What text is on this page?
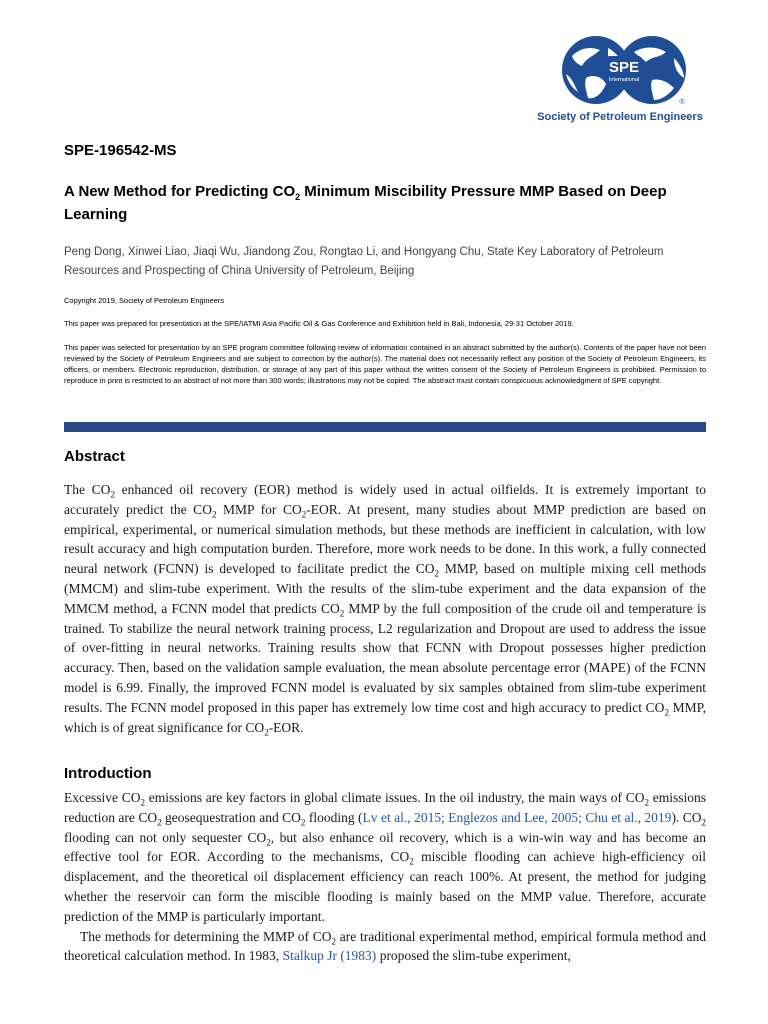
SPE
International
®
Society of Petroleum Engineers
SPE-196542-MS
A New Method for Predicting $CO_2$ Minimum Miscibility Pressure MMP Based on Deep Learning
Peng Dong, Xinwei Liao, Jiaqi Wu, Jiandong Zou, Rongtao Li, and Hongyang Chu, State Key Laboratory of Petroleum Resources and Prospecting of China University of Petroleum, Beijing
Copyright 2019, Society of Petroleum Engineers
This paper was prepared for presentation at the SPE/IATMI Asia Pacific Oil & Gas Conference and Exhibition held in Bali, Indonesia, 29-31 October 2019.
This paper was selected for presentation by an SPE program committee following review of information contained in an abstract submitted by the author(s). Contents of the paper have not been reviewed by the Society of Petroleum Engineers and are subject to correction by the author(s). The material does not necessarily reflect any position of the Society of Petroleum Engineers, its officers, or members. Electronic reproduction, distribution, or storage of any part of this paper without the written consent of the Society of Petroleum Engineers is prohibited. Permission to reproduce in print is restricted to an abstract of not more than 300 words; illustrations may not be copied. The abstract must contain conspicuous acknowledgment of SPE copyright.
Abstract
The $CO_2$ enhanced oil recovery (EOR) method is widely used in actual oilfields. It is extremely important to accurately predict the $CO_2$ MMP for $CO_2$-EOR. At present, many studies about MMP prediction are based on empirical, experimental, or numerical simulation methods, but these methods are inefficient in calculation, with low result accuracy and high computation burden. Therefore, more work needs to be done. In this work, a fully connected neural network (FCNN) is developed to facilitate predict the $CO_2$ MMP, based on multiple mixing cell methods (MMCM) and slim-tube experiment. With the results of the slim-tube experiment and the data expansion of the MMCM method, a FCNN model that predicts $CO_2$ MMP by the full composition of the crude oil and temperature is trained. To stabilize the neural network training process, L2 regularization and Dropout are used to address the issue of over-fitting in neural networks. Training results show that FCNN with Dropout possesses higher prediction accuracy. Then, based on the validation sample evaluation, the mean absolute percentage error (MAPE) of the FCNN model is 6.99. Finally, the improved FCNN model is evaluated by six samples obtained from slim-tube experiment results. The FCNN model proposed in this paper has extremely low time cost and high accuracy to predict $CO_2$ MMP, which is of great significance for $CO_2$-EOR.
Introduction
Excessive $CO_2$ emissions are key factors in global climate issues. In the oil industry, the main ways of $CO_2$ emissions reduction are $CO_2$ geosequestration and $CO_2$ flooding (Lv et al., 2015; Englezos and Lee, 2005; Chu et al., 2019). $CO_2$ flooding can not only sequester $CO_2$, but also enhance oil recovery, which is a win-win way and has become an effective tool for EOR. According to the mechanisms, $CO_2$ miscible flooding can achieve high-efficiency oil displacement, and the theoretical oil displacement efficiency can reach 100%. At present, the method for judging whether the reservoir can form the miscible flooding is mainly based on the MMP value. Therefore, accurate prediction of the MMP is particularly important.
The methods for determining the MMP of $CO_2$ are traditional experimental method, empirical formula method and theoretical calculation method. In 1983, Stalkup Jr (1983) proposed the slim-tube experiment,
